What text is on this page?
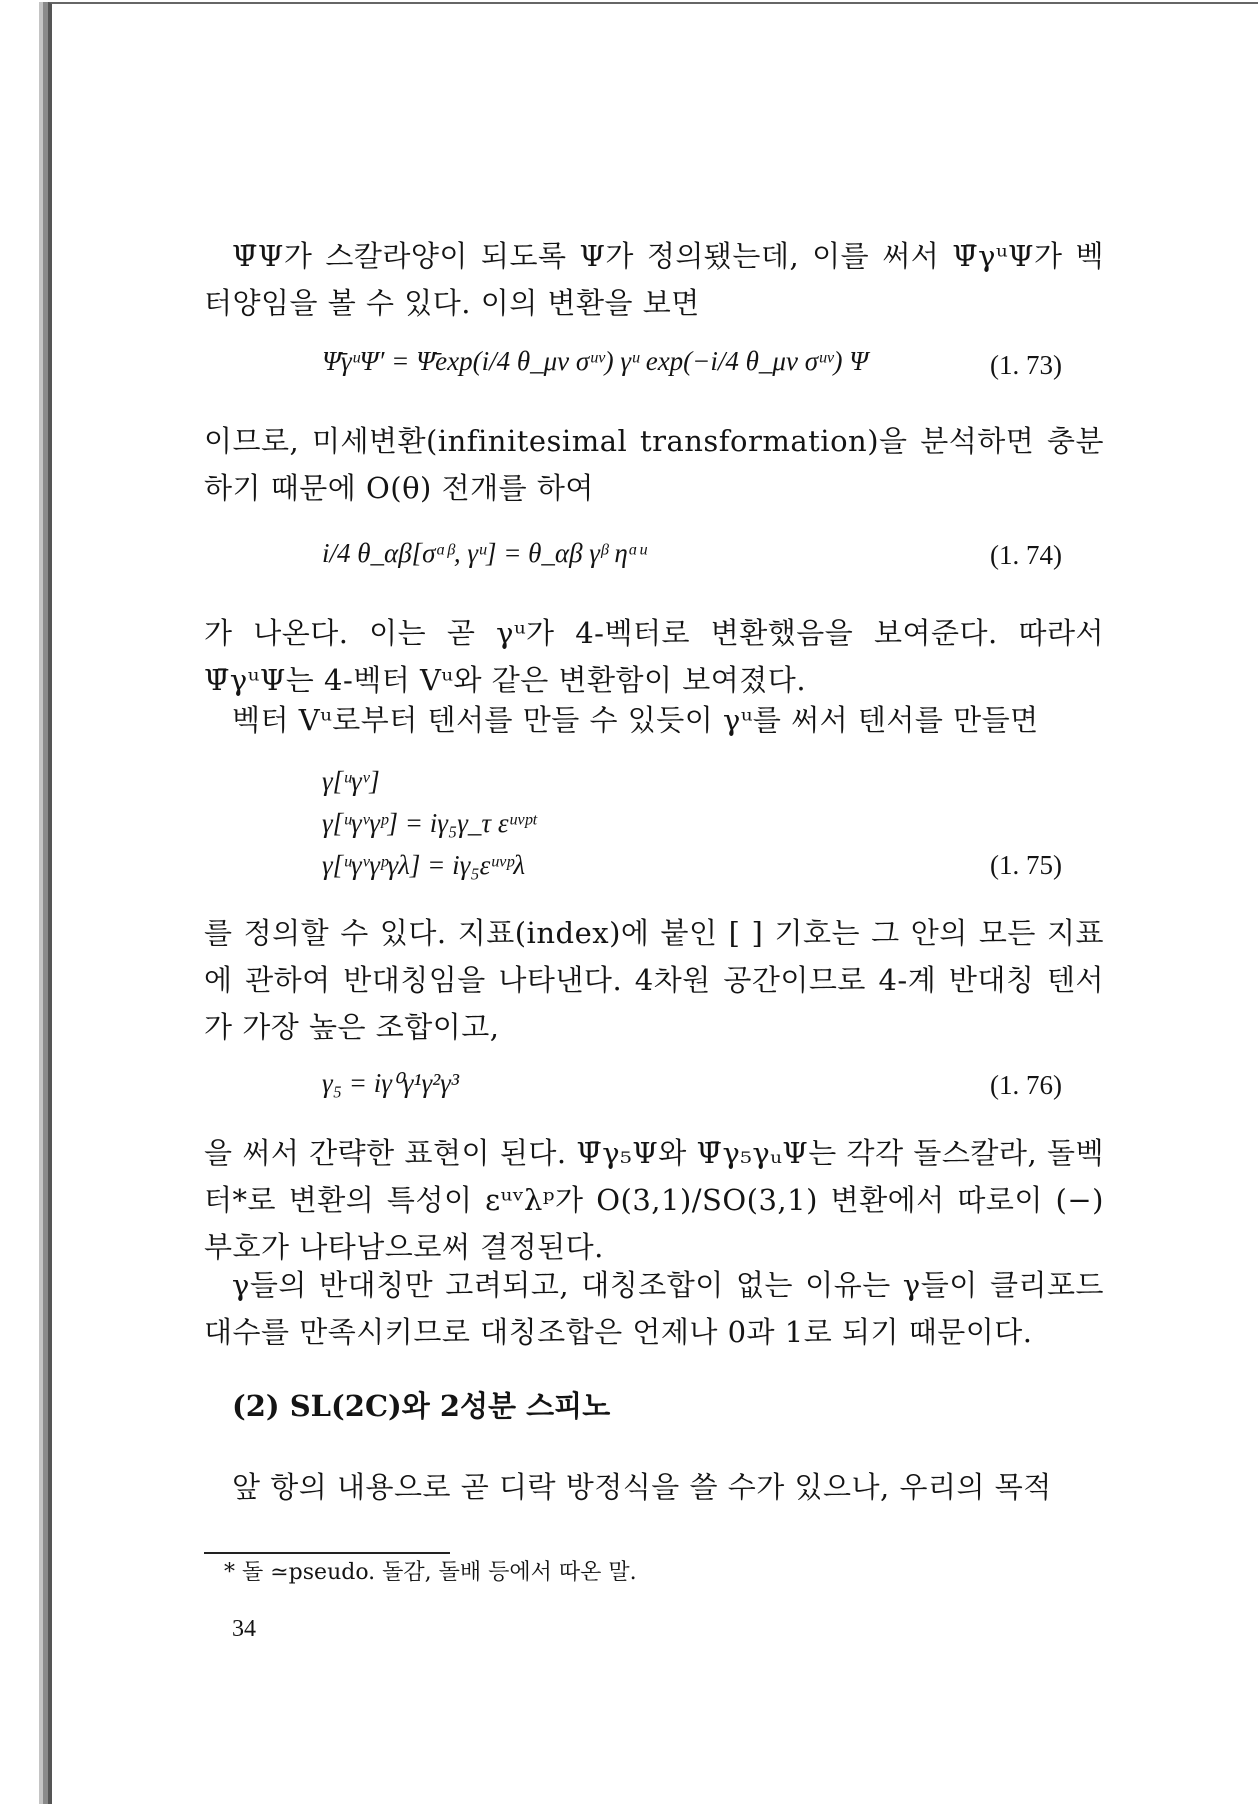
Ψ̄Ψ가 스칼라양이 되도록 Ψ가 정의됐는데, 이를 써서 Ψ̄γᵘΨ가 벡터양임을 볼 수 있다. 이의 변환을 보면

Ψ̄γᵘΨ′ = Ψ̄exp(i/4 θ_μν σᵘᵛ) γᵘ exp(−i/4 θ_μν σᵘᵛ) Ψ	(1. 73)

이므로, 미세변환(infinitesimal transformation)을 분석하면 충분하기 때문에 O(θ) 전개를 하여

i/4 θ_αβ[σᵅᵝ, γᵘ] = θ_αβ γᵝ ηᵅᵘ	(1. 74)

가 나온다. 이는 곧 γᵘ가 4-벡터로 변환했음을 보여준다. 따라서 Ψ̄γᵘΨ는 4-벡터 Vᵘ와 같은 변환함이 보여졌다.

벡터 Vᵘ로부터 텐서를 만들 수 있듯이 γᵘ를 써서 텐서를 만들면

γ[ᵘγᵛ]
γ[ᵘγᵛγᵖ] = iγ₅γ_τ εᵘᵛᵖᵗ
γ[ᵘγᵛγᵖγλ] = iγ₅εᵘᵛᵖλ	(1. 75)

를 정의할 수 있다. 지표(index)에 붙인 [ ] 기호는 그 안의 모든 지표에 관하여 반대칭임을 나타낸다. 4차원 공간이므로 4-계 반대칭 텐서가 가장 높은 조합이고,

γ₅ = iγ⁰γ¹γ²γ³	(1. 76)

을 써서 간략한 표현이 된다. Ψ̄γ₅Ψ와 Ψ̄γ₅γᵤΨ는 각각 돌스칼라, 돌벡터*로 변환의 특성이 εᵘᵛλᵖ가 O(3,1)/SO(3,1) 변환에서 따로이 (−) 부호가 나타남으로써 결정된다.

γ들의 반대칭만 고려되고, 대칭조합이 없는 이유는 γ들이 클리포드 대수를 만족시키므로 대칭조합은 언제나 0과 1로 되기 때문이다.

(2) SL(2C)와 2성분 스피노

앞 항의 내용으로 곧 디락 방정식을 쓸 수가 있으나, 우리의 목적

* 돌 ≃pseudo. 돌감, 돌배 등에서 따온 말.
34
